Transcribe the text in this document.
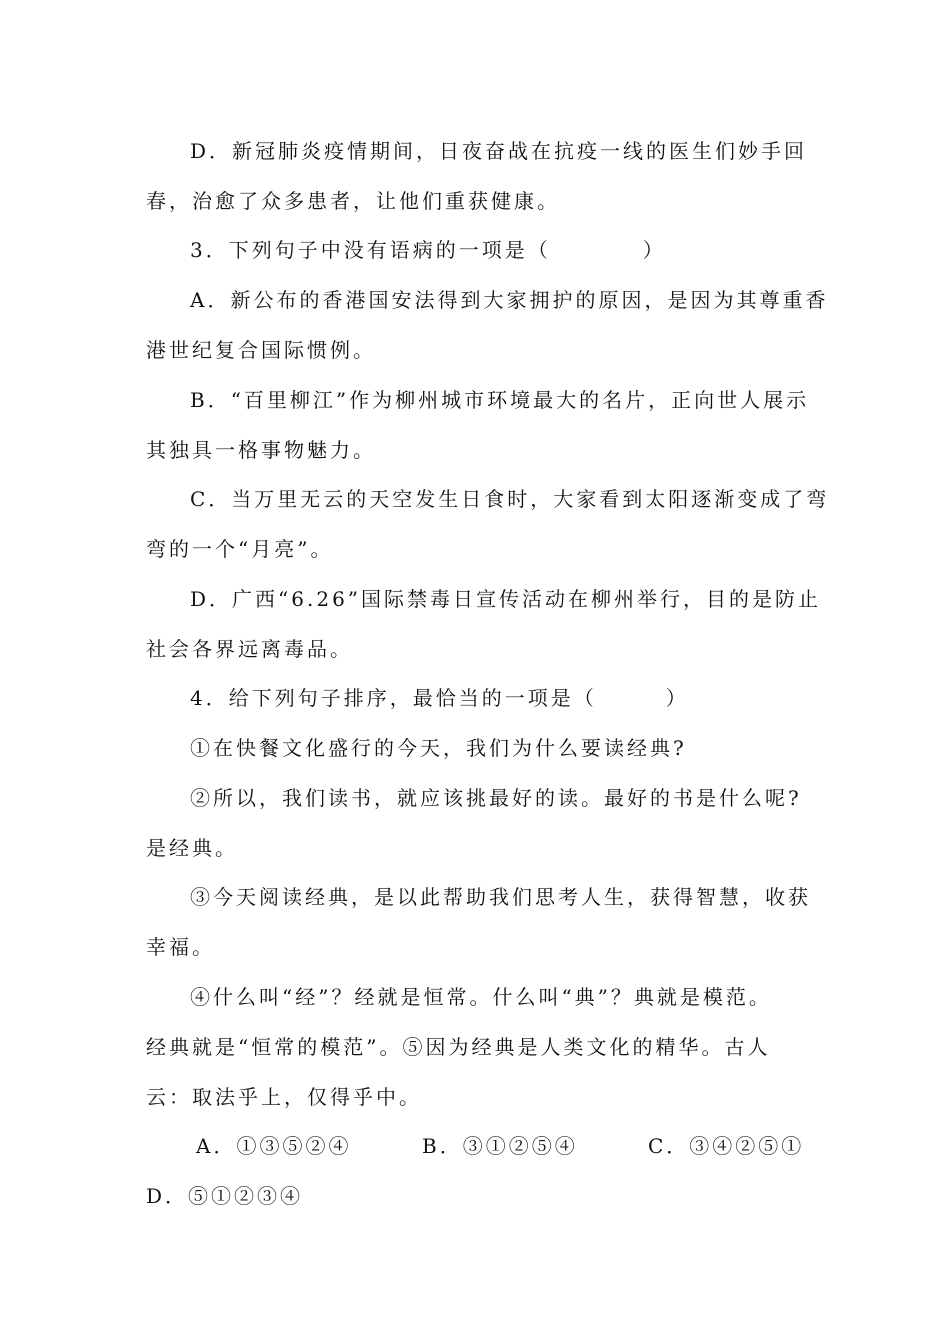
D．新冠肺炎疫情期间，日夜奋战在抗疫一线的医生们妙手回
春，治愈了众多患者，让他们重获健康。
3．下列句子中没有语病的一项是（　　　　）
A．新公布的香港国安法得到大家拥护的原因，是因为其尊重香
港世纪复合国际惯例。
B．“百里柳江”作为柳州城市环境最大的名片，正向世人展示
其独具一格事物魅力。
C．当万里无云的天空发生日食时，大家看到太阳逐渐变成了弯
弯的一个“月亮”。
D．广西“6.26”国际禁毒日宣传活动在柳州举行，目的是防止
社会各界远离毒品。
4．给下列句子排序，最恰当的一项是（　　　）
①在快餐文化盛行的今天，我们为什么要读经典?
②所以，我们读书，就应该挑最好的读。最好的书是什么呢?
是经典。
③今天阅读经典，是以此帮助我们思考人生，获得智慧，收获
幸福。
④什么叫“经”？经就是恒常。什么叫“典”？典就是模范。
经典就是“恒常的模范”。⑤因为经典是人类文化的精华。古人
云：取法乎上，仅得乎中。
A．①③⑤②④	B．③①②⑤④	C．③④②⑤①
D．⑤①②③④
